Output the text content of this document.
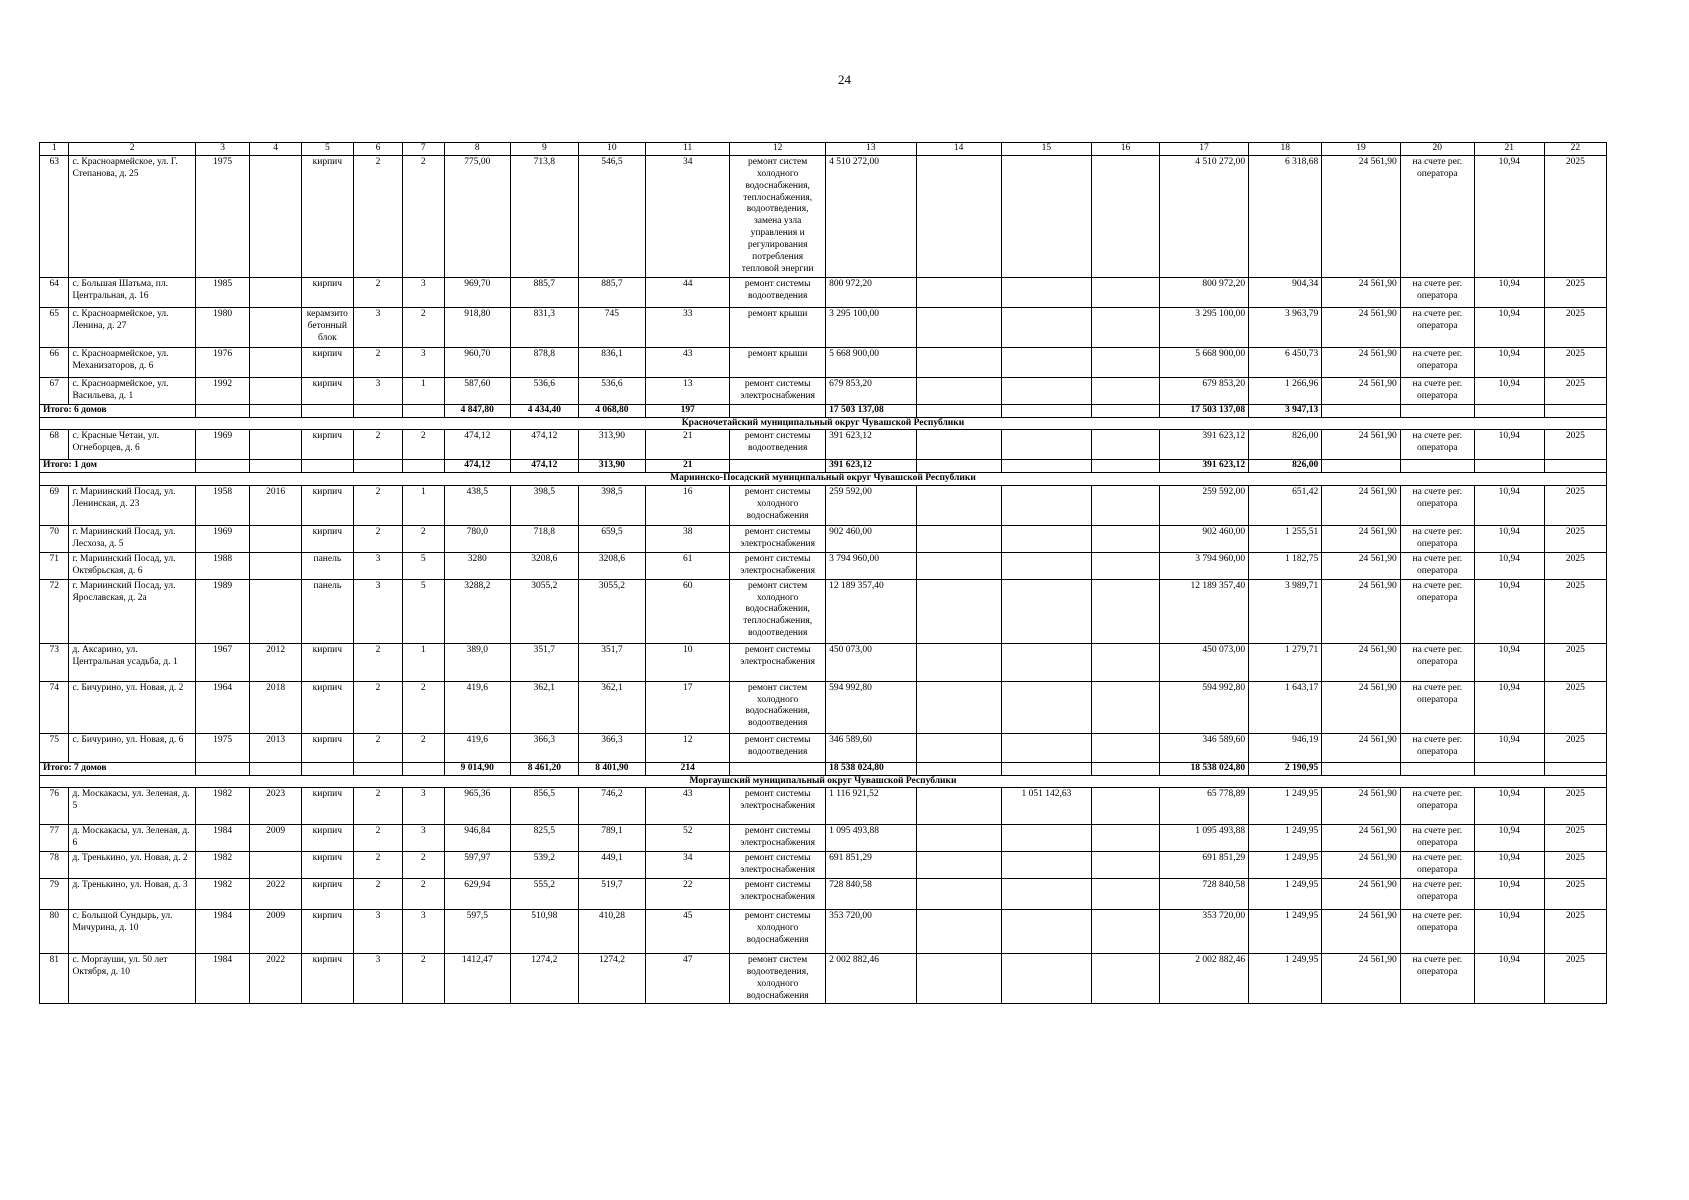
24
1	2	3	4	5	6	7	8	9	10	11	12	13	14	15	16	17	18	19	20	21	22
63	с. Красноармейское, ул. Г. Степанова, д. 25	1975		кирпич	2	2	775,00	713,8	546,5	34	ремонт систем холодного водоснабжения, теплоснабжения, водоотведения, замена узла управления и регулирования потребления тепловой энергии	4 510 272,00				4 510 272,00	6 318,68	24 561,90	на счете рег. оператора	10,94	2025
64	с. Большая Шатьма, пл. Центральная, д. 16	1985		кирпич	2	3	969,70	885,7	885,7	44	ремонт системы водоотведения	800 972,20				800 972,20	904,34	24 561,90	на счете рег. оператора	10,94	2025
65	с. Красноармейское, ул. Ленина, д. 27	1980		керамзитобетонный блок	3	2	918,80	831,3	745	33	ремонт крыши	3 295 100,00				3 295 100,00	3 963,79	24 561,90	на счете рег. оператора	10,94	2025
66	с. Красноармейское, ул. Механизаторов, д. 6	1976		кирпич	2	3	960,70	878,8	836,1	43	ремонт крыши	5 668 900,00				5 668 900,00	6 450,73	24 561,90	на счете рег. оператора	10,94	2025
67	с. Красноармейское, ул. Васильева, д. 1	1992		кирпич	3	1	587,60	536,6	536,6	13	ремонт системы электроснабжения	679 853,20				679 853,20	1 266,96	24 561,90	на счете рег. оператора	10,94	2025
Итого: 6 домов							4 847,80	4 434,40	4 068,80	197		17 503 137,08				17 503 137,08	3 947,13				
Красночетайский муниципальный округ Чувашской Республики																					
68	с. Красные Четаи, ул. Огнеборцев, д. 6	1969		кирпич	2	2	474,12	474,12	313,90	21	ремонт системы водоотведения	391 623,12				391 623,12	826,00	24 561,90	на счете рег. оператора	10,94	2025
Итого: 1 дом							474,12	474,12	313,90	21		391 623,12				391 623,12	826,00				
Мариинско-Посадский муниципальный округ Чувашской Республики																					
69	г. Мариинский Посад, ул. Ленинская, д. 23	1958	2016	кирпич	2	1	438,5	398,5	398,5	16	ремонт системы холодного водоснабжения	259 592,00				259 592,00	651,42	24 561,90	на счете рег. оператора	10,94	2025
70	г. Мариинский Посад, ул. Лесхоза, д. 5	1969		кирпич	2	2	780,0	718,8	659,5	38	ремонт системы электроснабжения	902 460,00				902 460,00	1 255,51	24 561,90	на счете рег. оператора	10,94	2025
71	г. Мариинский Посад, ул. Октябрьская, д. 6	1988		панель	3	5	3280	3208,6	3208,6	61	ремонт системы электроснабжения	3 794 960,00				3 794 960,00	1 182,75	24 561,90	на счете рег. оператора	10,94	2025
72	г. Мариинский Посад, ул. Ярославская, д. 2а	1989		панель	3	5	3288,2	3055,2	3055,2	60	ремонт систем холодного водоснабжения, теплоснабжения, водоотведения	12 189 357,40				12 189 357,40	3 989,71	24 561,90	на счете рег. оператора	10,94	2025
73	д. Аксарино, ул. Центральная усадьба, д. 1	1967	2012	кирпич	2	1	389,0	351,7	351,7	10	ремонт системы электроснабжения	450 073,00				450 073,00	1 279,71	24 561,90	на счете рег. оператора	10,94	2025
74	с. Бичурино, ул. Новая, д. 2	1964	2018	кирпич	2	2	419,6	362,1	362,1	17	ремонт систем холодного водоснабжения, водоотведения	594 992,80				594 992,80	1 643,17	24 561,90	на счете рег. оператора	10,94	2025
75	с. Бичурино, ул. Новая, д. 6	1975	2013	кирпич	2	2	419,6	366,3	366,3	12	ремонт системы водоотведения	346 589,60				346 589,60	946,19	24 561,90	на счете рег. оператора	10,94	2025
Итого: 7 домов							9 014,90	8 461,20	8 401,90	214		18 538 024,80				18 538 024,80	2 190,95				
Моргаушский муниципальный округ Чувашской Республики																					
76	д. Москакасы, ул. Зеленая, д. 5	1982	2023	кирпич	2	3	965,36	856,5	746,2	43	ремонт системы электроснабжения	1 116 921,52		1 051 142,63		65 778,89	1 249,95	24 561,90	на счете рег. оператора	10,94	2025
77	д. Москакасы, ул. Зеленая, д. 6	1984	2009	кирпич	2	3	946,84	825,5	789,1	52	ремонт системы электроснабжения	1 095 493,88				1 095 493,88	1 249,95	24 561,90	на счете рег. оператора	10,94	2025
78	д. Тренькино, ул. Новая, д. 2	1982		кирпич	2	2	597,97	539,2	449,1	34	ремонт системы электроснабжения	691 851,29				691 851,29	1 249,95	24 561,90	на счете рег. оператора	10,94	2025
79	д. Тренькино, ул. Новая, д. 3	1982	2022	кирпич	2	2	629,94	555,2	519,7	22	ремонт системы электроснабжения	728 840,58				728 840,58	1 249,95	24 561,90	на счете рег. оператора	10,94	2025
80	с. Большой Сундырь, ул. Мичурина, д. 10	1984	2009	кирпич	3	3	597,5	510,98	410,28	45	ремонт системы холодного водоснабжения	353 720,00				353 720,00	1 249,95	24 561,90	на счете рег. оператора	10,94	2025
81	с. Моргауши, ул. 50 лет Октября, д. 10	1984	2022	кирпич	3	2	1412,47	1274,2	1274,2	47	ремонт систем водоотведения, холодного водоснабжения	2 002 882,46				2 002 882,46	1 249,95	24 561,90	на счете рег. оператора	10,94	2025
